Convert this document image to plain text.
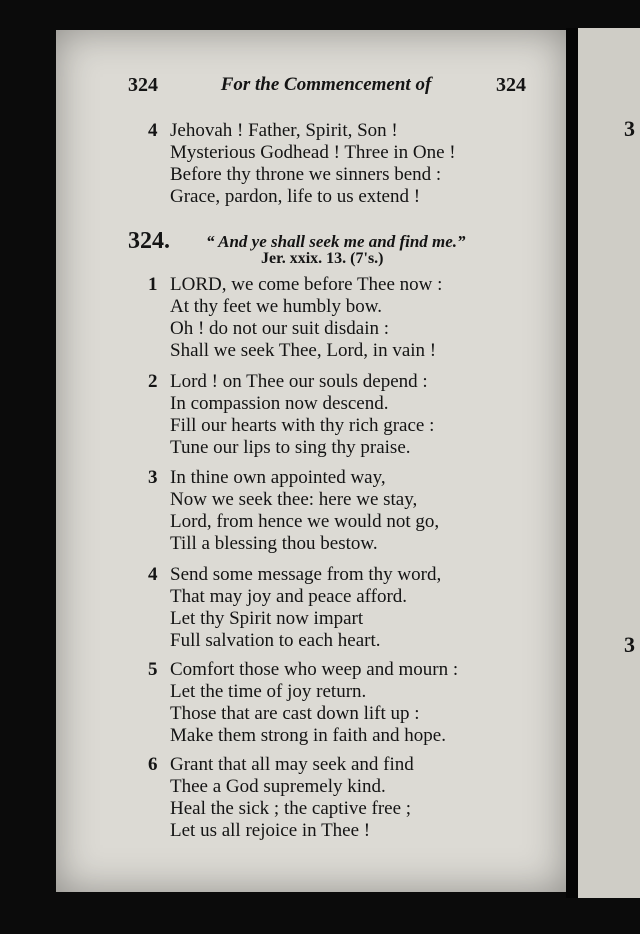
324	For the Commencement of	324
4 Jehovah ! Father, Spirit, Son !
Mysterious Godhead ! Three in One !
Before thy throne we sinners bend :
Grace, pardon, life to us extend !
324. “ And ye shall seek me and find me.”
Jer. xxix. 13. (7's.)
1 LORD, we come before Thee now :
At thy feet we humbly bow.
Oh ! do not our suit disdain :
Shall we seek Thee, Lord, in vain !
2 Lord ! on Thee our souls depend :
In compassion now descend.
Fill our hearts with thy rich grace :
Tune our lips to sing thy praise.
3 In thine own appointed way,
Now we seek thee: here we stay,
Lord, from hence we would not go,
Till a blessing thou bestow.
4 Send some message from thy word,
That may joy and peace afford.
Let thy Spirit now impart
Full salvation to each heart.
5 Comfort those who weep and mourn :
Let the time of joy return.
Those that are cast down lift up :
Make them strong in faith and hope.
6 Grant that all may seek and find
Thee a God supremely kind.
Heal the sick ; the captive free ;
Let us all rejoice in Thee !
3
3
